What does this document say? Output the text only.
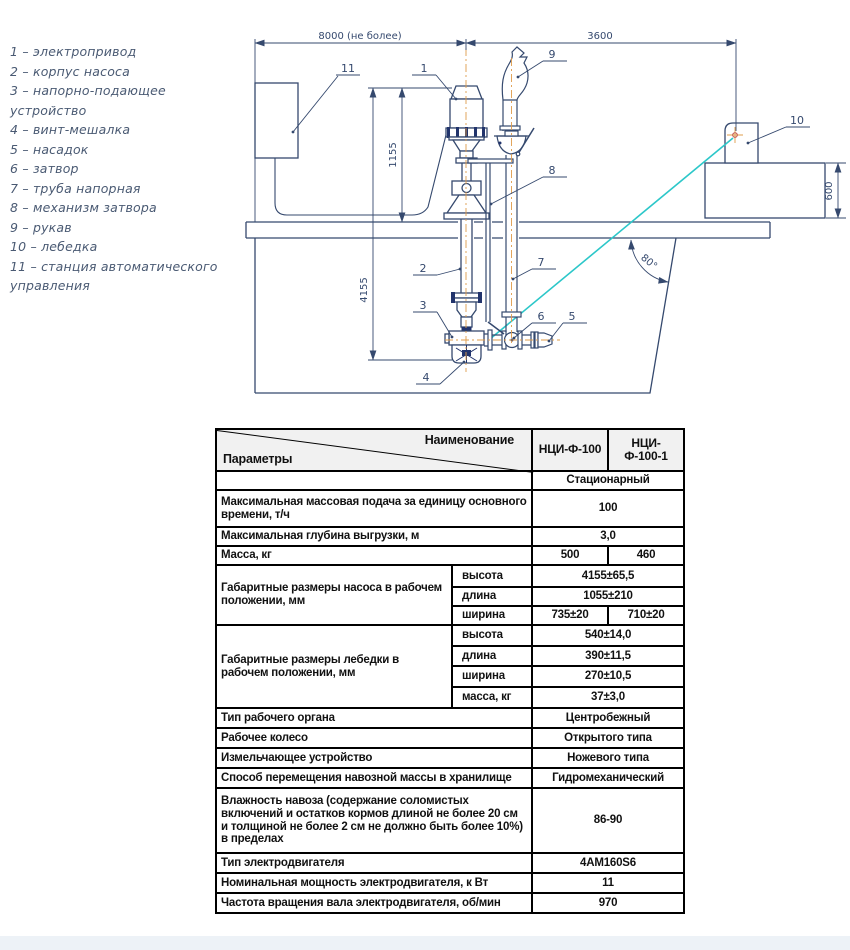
1 – электропривод
2 – корпус насоса
3 – напорно-подающее устройство
4 – винт-мешалка
5 – насадок
6 – затвор
7 – труба напорная
8 – механизм затвора
9 – рукав
10 – лебедка
11 – станция автоматического управления
8000 (не более)	3600
1155
4155
600
80°
11	1
9
10
8
2
3
4
7
6 5
Наименование
Параметры		НЦИ-Ф-100	НЦИ-Ф-100-1
		Стационарный	
Максимальная массовая подача за единицу основного времени, т/ч		100	
Максимальная глубина выгрузки, м		3,0	
Масса, кг		500	460
Габаритные размеры насоса в рабочем положении, мм	высота	4155±65,5	
	длина	1055±210	
	ширина	735±20	710±20
Габаритные размеры лебедки в рабочем положении, мм	высота	540±14,0	
	длина	390±11,5	
	ширина	270±10,5	
	масса, кг	37±3,0	
Тип рабочего органа		Центробежный	
Рабочее колесо		Открытого типа	
Измельчающее устройство		Ножевого типа	
Способ перемещения навозной массы в хранилище		Гидромеханический	
Влажность навоза (содержание соломистых включений и остатков кормов длиной не более 20 см и толщиной не более 2 см не должно быть более 10%) в пределах		86-90	
Тип электродвигателя		4АМ160S6	
Номинальная мощность электродвигателя, к Вт		11	
Частота вращения вала электродвигателя, об/мин		970	
